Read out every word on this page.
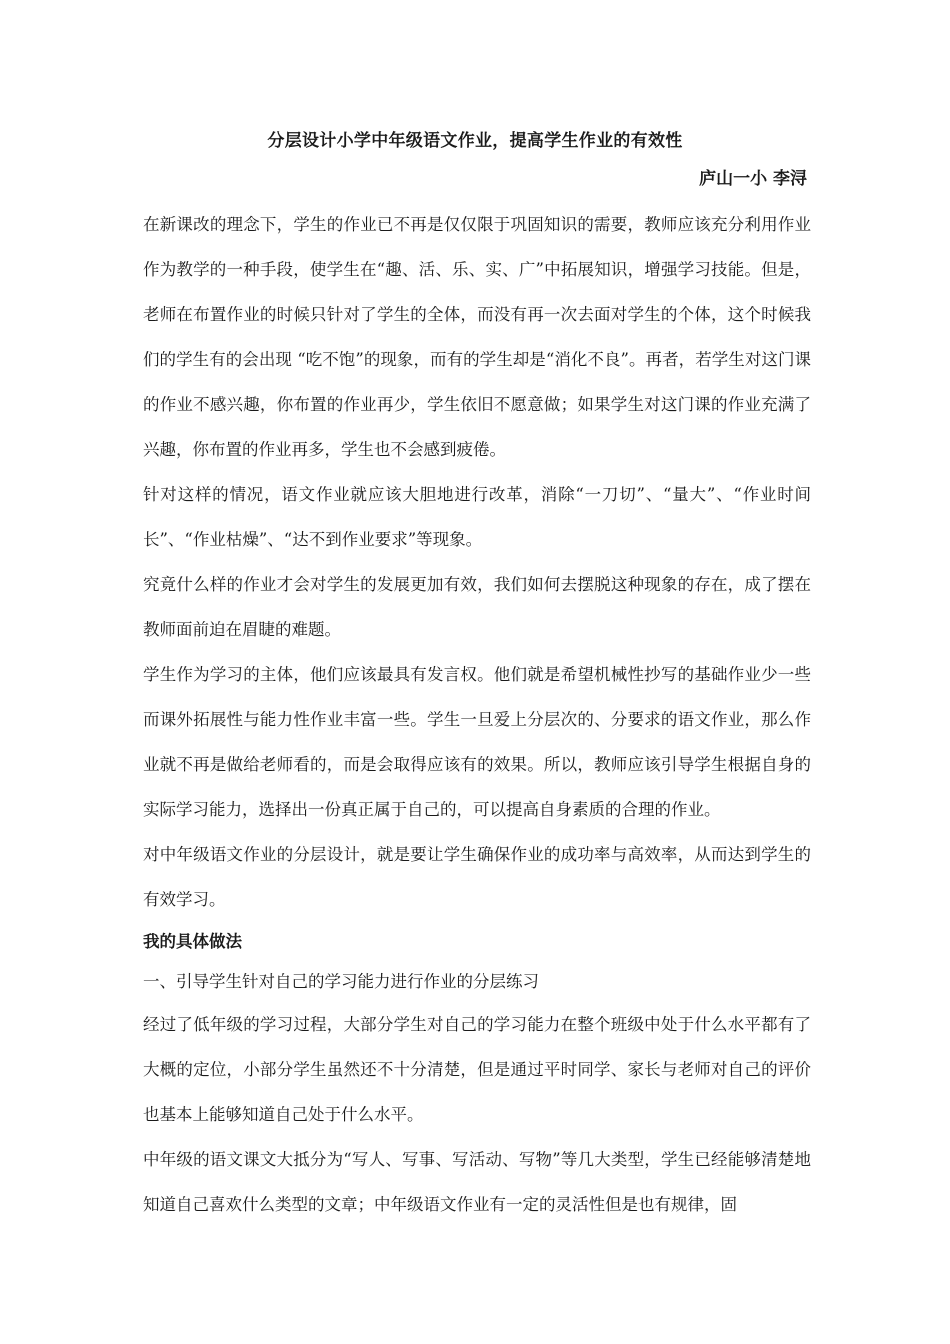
分层设计小学中年级语文作业，提高学生作业的有效性
庐山一小 李浔

在新课改的理念下，学生的作业已不再是仅仅限于巩固知识的需要，教师应该充分利用作业作为教学的一种手段，使学生在“趣、活、乐、实、广”中拓展知识，增强学习技能。但是，老师在布置作业的时候只针对了学生的全体，而没有再一次去面对学生的个体，这个时候我们的学生有的会出现 “吃不饱”的现象，而有的学生却是“消化不良”。再者，若学生对这门课的作业不感兴趣，你布置的作业再少，学生依旧不愿意做；如果学生对这门课的作业充满了兴趣，你布置的作业再多，学生也不会感到疲倦。

针对这样的情况，语文作业就应该大胆地进行改革，消除“一刀切”、“量大”、“作业时间长”、“作业枯燥”、“达不到作业要求”等现象。

究竟什么样的作业才会对学生的发展更加有效，我们如何去摆脱这种现象的存在，成了摆在教师面前迫在眉睫的难题。

学生作为学习的主体，他们应该最具有发言权。他们就是希望机械性抄写的基础作业少一些而课外拓展性与能力性作业丰富一些。学生一旦爱上分层次的、分要求的语文作业，那么作业就不再是做给老师看的，而是会取得应该有的效果。所以，教师应该引导学生根据自身的实际学习能力，选择出一份真正属于自己的，可以提高自身素质的合理的作业。

对中年级语文作业的分层设计，就是要让学生确保作业的成功率与高效率，从而达到学生的有效学习。

我的具体做法

一、引导学生针对自己的学习能力进行作业的分层练习

经过了低年级的学习过程，大部分学生对自己的学习能力在整个班级中处于什么水平都有了大概的定位，小部分学生虽然还不十分清楚，但是通过平时同学、家长与老师对自己的评价也基本上能够知道自己处于什么水平。

中年级的语文课文大抵分为“写人、写事、写活动、写物”等几大类型，学生已经能够清楚地知道自己喜欢什么类型的文章；中年级语文作业有一定的灵活性但是也有规律，固
